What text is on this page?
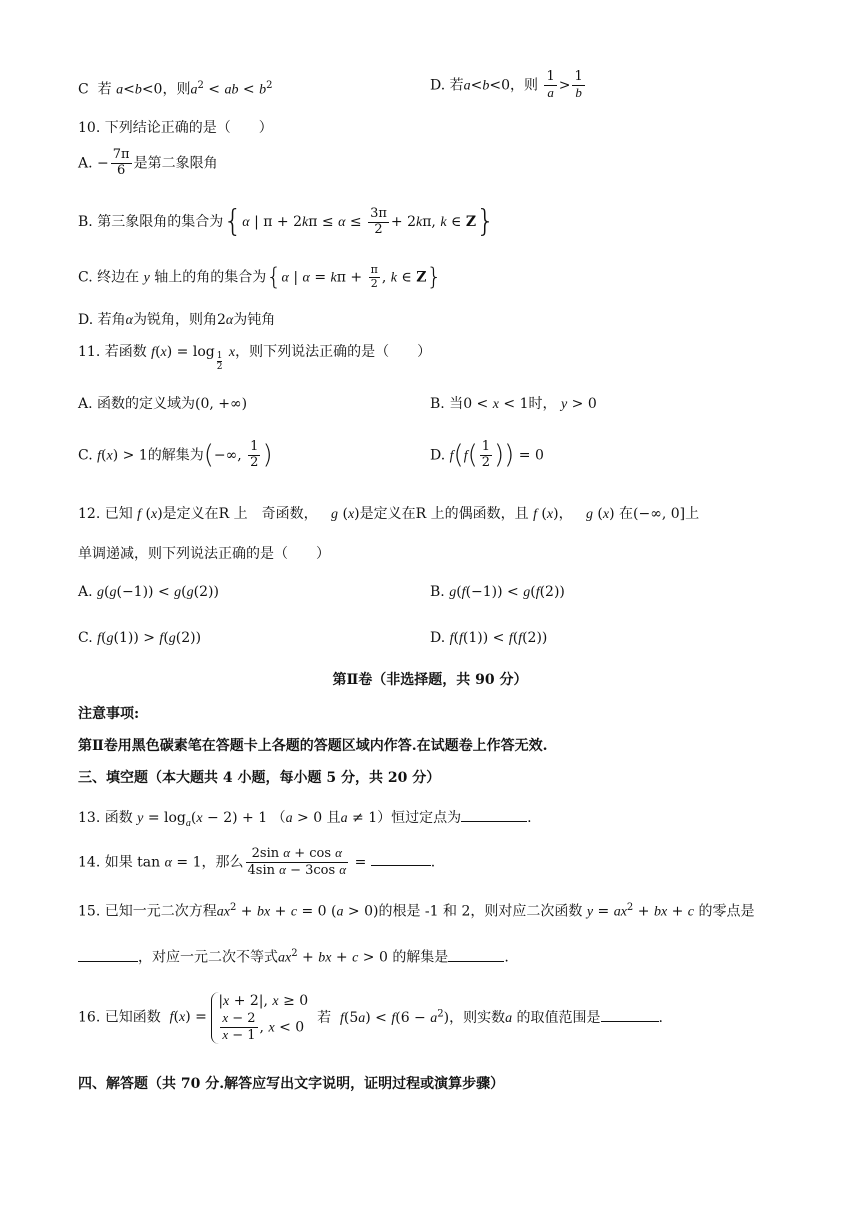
C 若 a<b<0，则$a^2$ < ab < $b^2$	D. 若a<b<0，则 $\frac{1}{a} > \frac{1}{b}$
10. 下列结论正确的是（　　）
A. − $\frac{7\pi}{6}$ 是第二象限角
B. 第三象限角的集合为{α | $\pi + 2k\pi \le \alpha \le \frac{3\pi}{2} + 2k\pi$, k ∈ Z}
C. 终边在 y 轴上的角的集合为{α | $\alpha = k\pi + \frac{\pi}{2}$ , k ∈ Z}
D. 若角α为锐角，则角2α为钝角
11. 若函数 f(x) = log $_{\frac{1}{2}}$ x，则下列说法正确的是（　　）
A. 函数的定义域为(0, +∞)	B. 当0 < x < 1时， y > 0
C. f(x) > 1的解集为(−∞, $\frac{1}{2}$ )	D. $f(f( \frac{1}{2}$ )) = 0
12. 已知 f (x)是定义在R 上　奇函数， g (x)是定义在R 上的偶函数，且 f (x)， g (x) 在(−∞, 0]上
单调递减，则下列说法正确的是（　　）
A. g(g(−1)) < g(g(2))	B. g(f(−1)) < g(f(2))
C. f(g(1)) > f(g(2))	D. f(f(1)) < f(f(2))
第Ⅱ卷（非选择题，共 90 分）
注意事项:
第Ⅱ卷用黑色碳素笔在答题卡上各题的答题区域内作答.在试题卷上作答无效.
三、填空题（本大题共 4 小题，每小题 5 分，共 20 分）
13. 函数 $y = \log_a(x - 2) + 1$ （a > 0 且a ≠ 1）恒过定点为	.
14. 如果 tan α = 1，那么 $\frac{\text{2sin α + cos α}}{\text{4sin α − 3cos α}}$ =	.
15. 已知一元二次方程$ax^2$ + bx + c = 0 (a > 0)的根是 -1 和 2，则对应二次函数 $y = ax^2$ + bx + c 的零点是
，对应一元二次不等式$ax^2$ + bx + c > 0 的解集是	.
16. 已知函数 f(x) =
|x + 2|, x ≥ 0
$\frac{x - 2}{x - 1}$ , x < 0
若 $f(5a) < f(6 - a^2)$，则实数a 的取值范围是	.
四、解答题（共 70 分.解答应写出文字说明，证明过程或演算步骤）
